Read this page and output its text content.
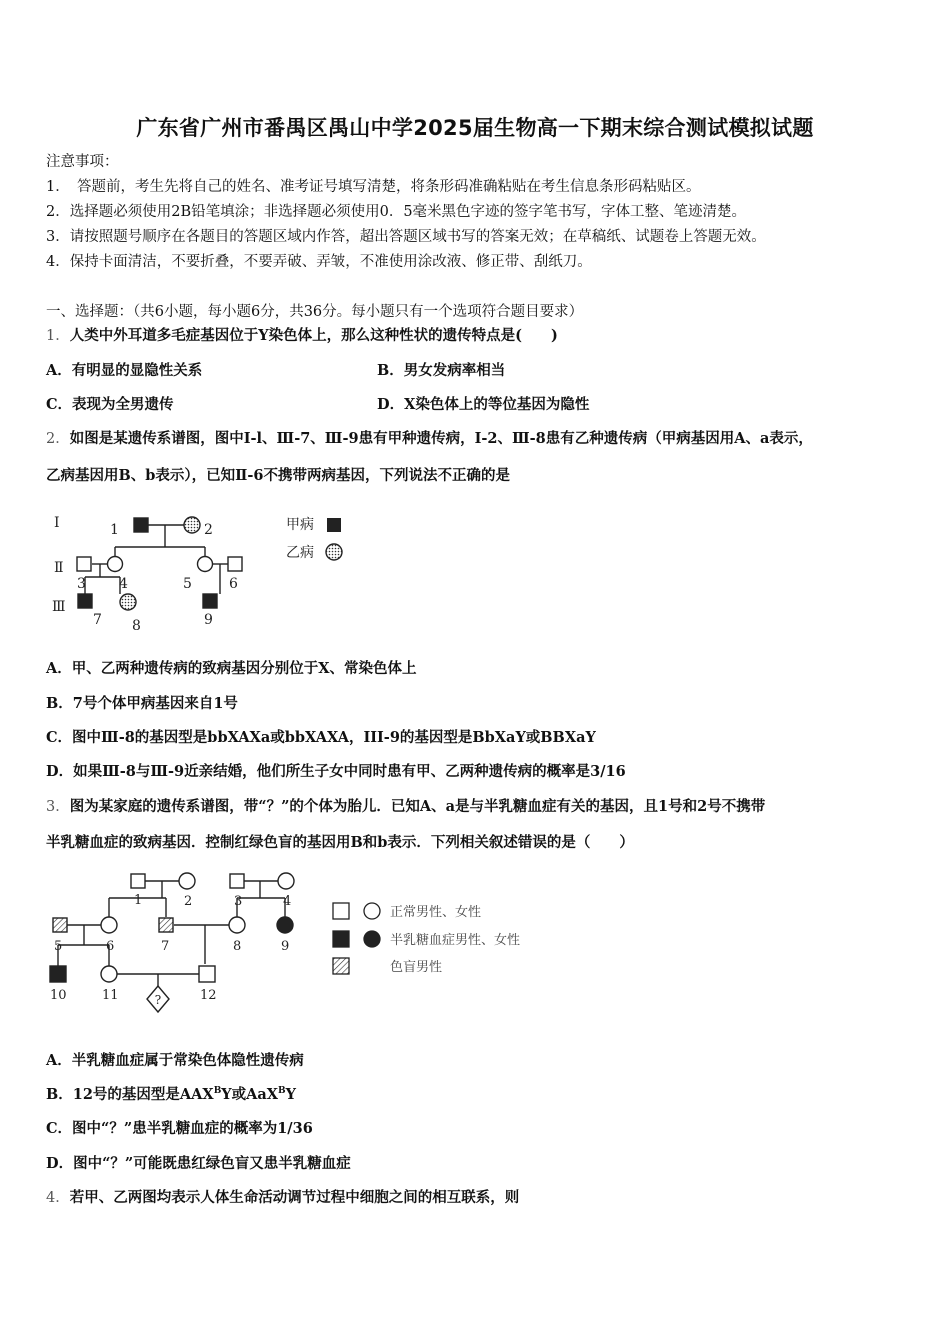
广东省广州市番禺区禺山中学2025届生物高一下期末综合测试模拟试题
注意事项：
1．　答题前，考生先将自己的姓名、准考证号填写清楚，将条形码准确粘贴在考生信息条形码粘贴区。
2．选择题必须使用2B铅笔填涂；非选择题必须使用0．5毫米黑色字迹的签字笔书写，字体工整、笔迹清楚。
3．请按照题号顺序在各题目的答题区域内作答，超出答题区域书写的答案无效；在草稿纸、试题卷上答题无效。
4．保持卡面清洁，不要折叠，不要弄破、弄皱，不准使用涂改液、修正带、刮纸刀。
一、选择题：（共6小题，每小题6分，共36分。每小题只有一个选项符合题目要求）
1．人类中外耳道多毛症基因位于Y染色体上，那么这种性状的遗传特点是(　　)
A．有明显的显隐性关系	B．男女发病率相当
C．表现为全男遗传	D．X染色体上的等位基因为隐性
2．如图是某遗传系谱图，图中Ⅰ-l、Ⅲ-7、Ⅲ-9患有甲种遗传病，Ⅰ-2、Ⅲ-8患有乙种遗传病（甲病基因用A、a表示，
乙病基因用B、b表示），已知Ⅱ-6不携带两病基因，下列说法不正确的是
Ⅰ
Ⅱ
Ⅲ
1	2
3 4	5	6
7 8	9
甲病
乙病
A．甲、乙两种遗传病的致病基因分别位于X、常染色体上
B．7号个体甲病基因来自1号
C．图中Ⅲ-8的基因型是bbXAXa或bbXAXA，III-9的基因型是BbXaY或BBXaY
D．如果Ⅲ-8与Ⅲ-9近亲结婚，他们所生子女中同时患有甲、乙两种遗传病的概率是3/16
3．图为某家庭的遗传系谱图，带“？”的个体为胎儿．已知A、a是与半乳糖血症有关的基因，且1号和2号不携带
半乳糖血症的致病基因．控制红绿色盲的基因用B和b表示．下列相关叙述错误的是（　　）
?
1	2	3	4
5	6	7	8	9
10	11	12
正常男性、女性
半乳糖血症男性、女性
色盲男性
A．半乳糖血症属于常染色体隐性遗传病
B．12号的基因型是$AAX^BY$或AaX$^B$Y
C．图中“？”患半乳糖血症的概率为1/36
D．图中“？”可能既患红绿色盲又患半乳糖血症
4．若甲、乙两图均表示人体生命活动调节过程中细胞之间的相互联系，则
